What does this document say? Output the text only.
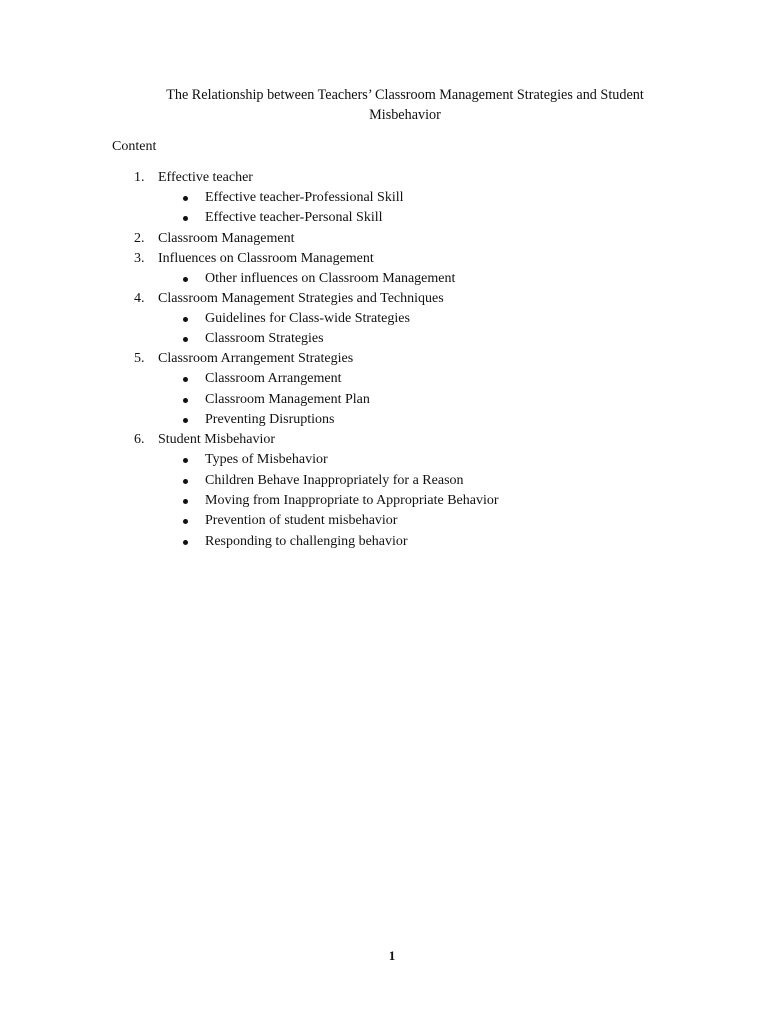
The Relationship between Teachers’ Classroom Management Strategies and Student
Misbehavior
Content
1. Effective teacher
Effective teacher-Professional Skill
Effective teacher-Personal Skill
2. Classroom Management
3. Influences on Classroom Management
Other influences on Classroom Management
4. Classroom Management Strategies and Techniques
Guidelines for Class-wide Strategies
Classroom Strategies
5. Classroom Arrangement Strategies
Classroom Arrangement
Classroom Management Plan
Preventing Disruptions
6. Student Misbehavior
Types of Misbehavior
Children Behave Inappropriately for a Reason
Moving from Inappropriate to Appropriate Behavior
Prevention of student misbehavior
Responding to challenging behavior
1
